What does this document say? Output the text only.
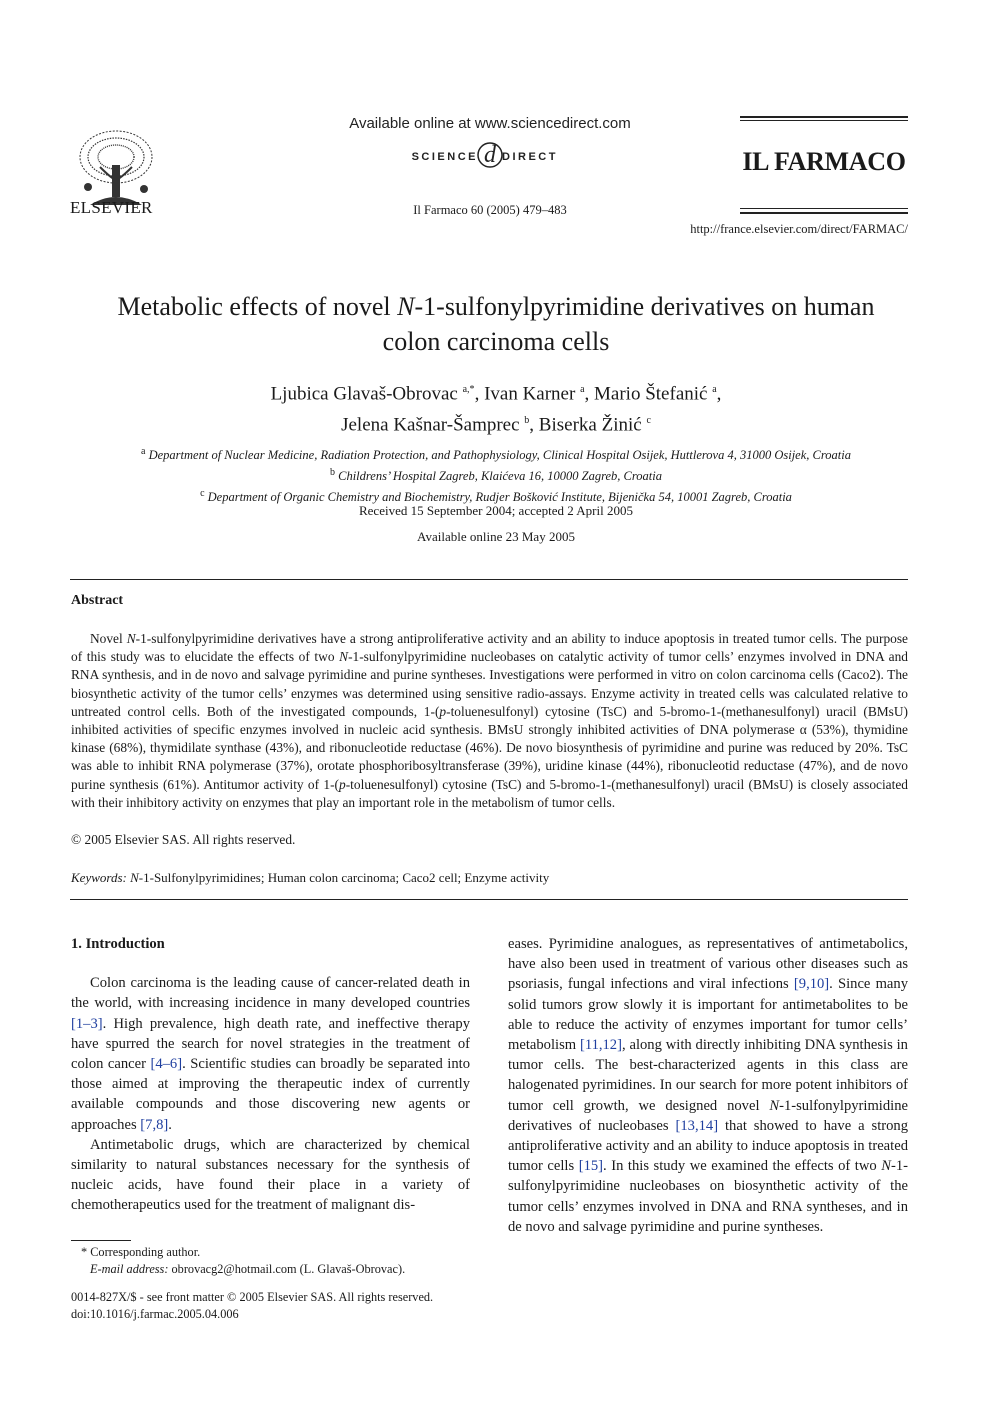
ELSEVIER
Available online at www.sciencedirect.com
SCIENCE d DIRECT
Il Farmaco 60 (2005) 479–483
IL FARMACO
http://france.elsevier.com/direct/FARMAC/
Metabolic effects of novel N-1-sulfonylpyrimidine derivatives on human
colon carcinoma cells
Ljubica Glavaš-Obrovac $^{a,*}$, Ivan Karner $^a$, Mario Štefanić $^a$,
Jelena Kašnar-Šamprec $^b$, Biserka Žinić $^c$
$^a$ Department of Nuclear Medicine, Radiation Protection, and Pathophysiology, Clinical Hospital Osijek, Huttlerova 4, 31000 Osijek, Croatia
$^b$ Childrens’ Hospital Zagreb, Klaićeva 16, 10000 Zagreb, Croatia
$^c$ Department of Organic Chemistry and Biochemistry, Rudjer Bošković Institute, Bijenička 54, 10001 Zagreb, Croatia
Received 15 September 2004; accepted 2 April 2005
Available online 23 May 2005
Abstract

Novel N-1-sulfonylpyrimidine derivatives have a strong antiproliferative activity and an ability to induce apoptosis in treated tumor cells. The purpose of this study was to elucidate the effects of two N-1-sulfonylpyrimidine nucleobases on catalytic activity of tumor cells’ enzymes involved in DNA and RNA synthesis, and in de novo and salvage pyrimidine and purine syntheses. Investigations were performed in vitro on colon carcinoma cells (Caco2). The biosynthetic activity of the tumor cells’ enzymes was determined using sensitive radio-assays. Enzyme activity in treated cells was calculated relative to untreated control cells. Both of the investigated compounds, 1-(p-toluenesulfonyl) cytosine (TsC) and 5-bromo-1-(methanesulfonyl) uracil (BMsU) inhibited activities of specific enzymes involved in nucleic acid synthesis. BMsU strongly inhibited activities of DNA polymerase α (53%), thymidine kinase (68%), thymidilate synthase (43%), and ribonucleotide reductase (46%). De novo biosynthesis of pyrimidine and purine was reduced by 20%. TsC was able to inhibit RNA polymerase (37%), orotate phosphoribosyltransferase (39%), uridine kinase (44%), ribonucleotid reductase (47%), and de novo purine synthesis (61%). Antitumor activity of 1-(p-toluenesulfonyl) cytosine (TsC) and 5-bromo-1-(methanesulfonyl) uracil (BMsU) is closely associated with their inhibitory activity on enzymes that play an important role in the metabolism of tumor cells.

© 2005 Elsevier SAS. All rights reserved.
Keywords: N-1-Sulfonylpyrimidines; Human colon carcinoma; Caco2 cell; Enzyme activity
1. Introduction

Colon carcinoma is the leading cause of cancer-related death in the world, with increasing incidence in many developed countries [1–3]. High prevalence, high death rate, and ineffective therapy have spurred the search for novel strategies in the treatment of colon cancer [4–6]. Scientific studies can broadly be separated into those aimed at improving the therapeutic index of currently available compounds and those discovering new agents or approaches [7,8].

Antimetabolic drugs, which are characterized by chemical similarity to natural substances necessary for the synthesis of nucleic acids, have found their place in a variety of chemotherapeutics used for the treatment of malignant dis-

eases. Pyrimidine analogues, as representatives of antimetabolics, have also been used in treatment of various other diseases such as psoriasis, fungal infections and viral infections [9,10]. Since many solid tumors grow slowly it is important for antimetabolites to be able to reduce the activity of enzymes important for tumor cells’ metabolism [11,12], along with directly inhibiting DNA synthesis in tumor cells. The best-characterized agents in this class are halogenated pyrimidines. In our search for more potent inhibitors of tumor cell growth, we designed novel N-1-sulfonylpyrimidine derivatives of nucleobases [13,14] that showed to have a strong antiproliferative activity and an ability to induce apoptosis in treated tumor cells [15]. In this study we examined the effects of two N-1-sulfonylpyrimidine nucleobases on biosynthetic activity of the tumor cells’ enzymes involved in DNA and RNA syntheses, and in de novo and salvage pyrimidine and purine syntheses.

* Corresponding author.
E-mail address: obrovacg2@hotmail.com (L. Glavaš-Obrovac).
0014-827X/$ - see front matter © 2005 Elsevier SAS. All rights reserved.
doi:10.1016/j.farmac.2005.04.006
